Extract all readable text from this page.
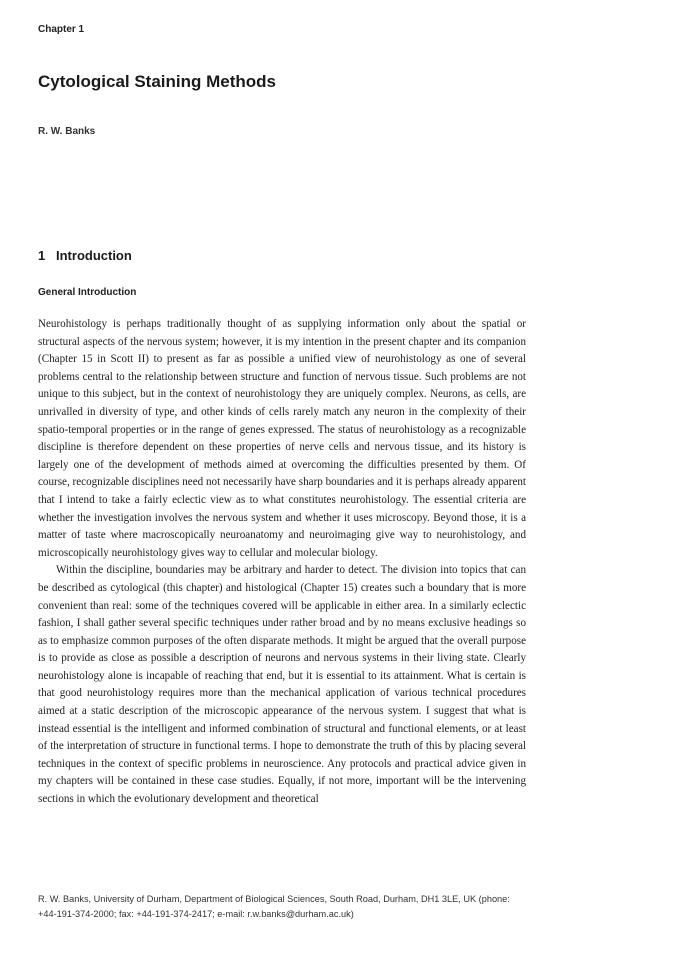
Chapter 1
Cytological Staining Methods
R. W. Banks
1 Introduction
General Introduction

Neurohistology is perhaps traditionally thought of as supplying information only about the spatial or structural aspects of the nervous system; however, it is my intention in the present chapter and its companion (Chapter 15 in Scott II) to present as far as possible a unified view of neurohistology as one of several problems central to the relationship between structure and function of nervous tissue. Such problems are not unique to this subject, but in the context of neurohistology they are uniquely complex. Neurons, as cells, are unrivalled in diversity of type, and other kinds of cells rarely match any neuron in the complexity of their spatio-temporal properties or in the range of genes expressed. The status of neurohistology as a recognizable discipline is therefore dependent on these properties of nerve cells and nervous tissue, and its history is largely one of the development of methods aimed at overcoming the difficulties presented by them. Of course, recognizable disciplines need not necessarily have sharp boundaries and it is perhaps already apparent that I intend to take a fairly eclectic view as to what constitutes neurohistology. The essential criteria are whether the investigation involves the nervous system and whether it uses microscopy. Beyond those, it is a matter of taste where macroscopically neuroanatomy and neuroimaging give way to neurohistology, and microscopically neurohistology gives way to cellular and molecular biology.

Within the discipline, boundaries may be arbitrary and harder to detect. The division into topics that can be described as cytological (this chapter) and histological (Chapter 15) creates such a boundary that is more convenient than real: some of the techniques covered will be applicable in either area. In a similarly eclectic fashion, I shall gather several specific techniques under rather broad and by no means exclusive headings so as to emphasize common purposes of the often disparate methods. It might be argued that the overall purpose is to provide as close as possible a description of neurons and nervous systems in their living state. Clearly neurohistology alone is incapable of reaching that end, but it is essential to its attainment. What is certain is that good neurohistology requires more than the mechanical application of various technical procedures aimed at a static description of the microscopic appearance of the nervous system. I suggest that what is instead essential is the intelligent and informed combination of structural and functional elements, or at least of the interpretation of structure in functional terms. I hope to demonstrate the truth of this by placing several techniques in the context of specific problems in neuroscience. Any protocols and practical advice given in my chapters will be contained in these case studies. Equally, if not more, important will be the intervening sections in which the evolutionary development and theoretical

R. W. Banks, University of Durham, Department of Biological Sciences, South Road, Durham, DH1 3LE, UK (phone: +44-191-374-2000; fax: +44-191-374-2417; e-mail: r.w.banks@durham.ac.uk)
